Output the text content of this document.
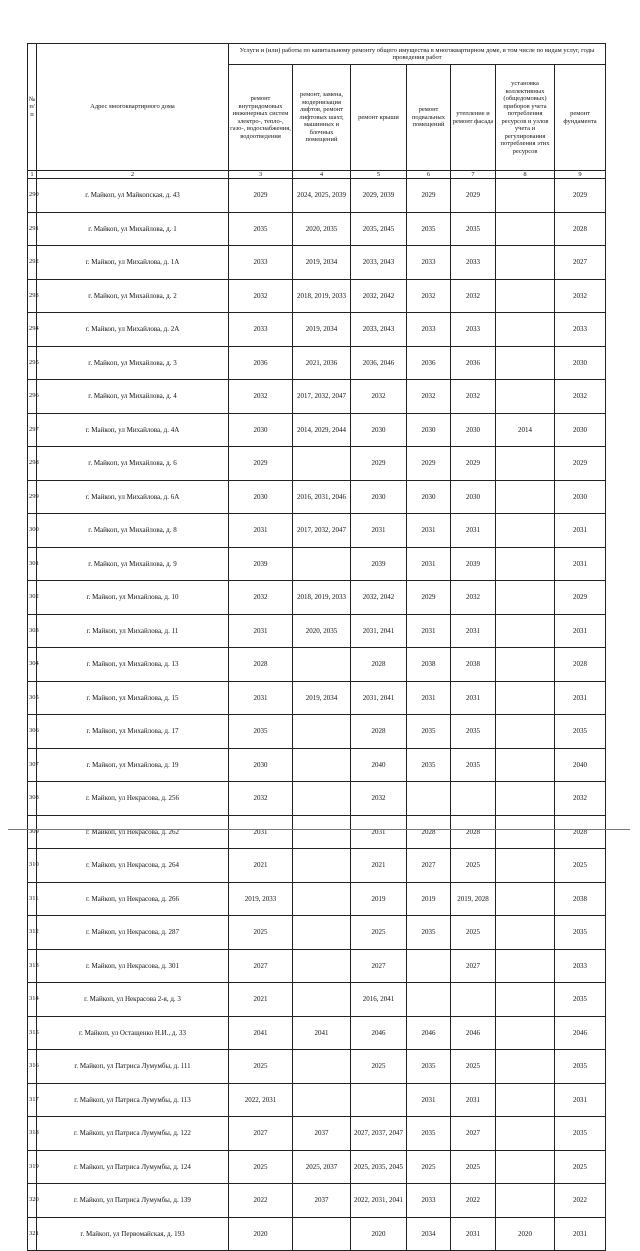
№ п/п	Адрес многоквартирного дома	Услуги и (или) работы по капитальному ремонту общего имущества в многоквартирном доме, в том числе по видам услуг, годы проведения работ						
		ремонт внутридомовых инженерных систем электро-, тепло-, газо-, водоснабжения, водоотведения	ремонт, замена, модернизация лифтов, ремонт лифтовых шахт, машинных и блочных помещений	ремонт крыши	ремонт подвальных помещений	утепление и ремонт фасада	установка коллективных (общедомовых) приборов учета потребления ресурсов и узлов учета и регулирования потребления этих ресурсов	ремонт фундамента
1	2	3	4	5	6	7	8	9
290	г. Майкоп, ул Майкопская, д. 43	2029	2024, 2025, 2039	2029, 2039	2029	2029		2029
291	г. Майкоп, ул Михайлова, д. 1	2035	2020, 2035	2035, 2045	2035	2035		2028
292	г. Майкоп, ул Михайлова, д. 1А	2033	2019, 2034	2033, 2043	2033	2033		2027
293	г. Майкоп, ул Михайлова, д. 2	2032	2018, 2019, 2033	2032, 2042	2032	2032		2032
294	г. Майкоп, ул Михайлова, д. 2А	2033	2019, 2034	2033, 2043	2033	2033		2033
295	г. Майкоп, ул Михайлова, д. 3	2036	2021, 2036	2036, 2046	2036	2036		2030
296	г. Майкоп, ул Михайлова, д. 4	2032	2017, 2032, 2047	2032	2032	2032		2032
297	г. Майкоп, ул Михайлова, д. 4А	2030	2014, 2029, 2044	2030	2030	2030	2014	2030
298	г. Майкоп, ул Михайлова, д. 6	2029		2029	2029	2029		2029
299	г. Майкоп, ул Михайлова, д. 6А	2030	2016, 2031, 2046	2030	2030	2030		2030
300	г. Майкоп, ул Михайлова, д. 8	2031	2017, 2032, 2047	2031	2031	2031		2031
301	г. Майкоп, ул Михайлова, д. 9	2039		2039	2031	2039		2031
302	г. Майкоп, ул Михайлова, д. 10	2032	2018, 2019, 2033	2032, 2042	2029	2032		2029
303	г. Майкоп, ул Михайлова, д. 11	2031	2020, 2035	2031, 2041	2031	2031		2031
304	г. Майкоп, ул Михайлова, д. 13	2028		2028	2038	2038		2028
305	г. Майкоп, ул Михайлова, д. 15	2031	2019, 2034	2031, 2041	2031	2031		2031
306	г. Майкоп, ул Михайлова, д. 17	2035		2028	2035	2035		2035
307	г. Майкоп, ул Михайлова, д. 19	2030		2040	2035	2035		2040
308	г. Майкоп, ул Некрасова, д. 256	2032		2032				2032
309	г. Майкоп, ул Некрасова, д. 262	2031		2031	2028	2028		2028
310	г. Майкоп, ул Некрасова, д. 264	2021		2021	2027	2025		2025
311	г. Майкоп, ул Некрасова, д. 266	2019, 2033		2019	2019	2019, 2028		2038
312	г. Майкоп, ул Некрасова, д. 287	2025		2025	2035	2025		2035
313	г. Майкоп, ул Некрасова, д. 301	2027		2027		2027		2033
314	г. Майкоп, ул Некрасова 2-я, д. 3	2021		2016, 2041				2035
315	г. Майкоп, ул Остащенко Н.И., д. 33	2041	2041	2046	2046	2046		2046
316	г. Майкоп, ул Патриса Лумумбы, д. 111	2025		2025	2035	2025		2035
317	г. Майкоп, ул Патриса Лумумбы, д. 113	2022, 2031			2031	2031		2031
318	г. Майкоп, ул Патриса Лумумбы, д. 122	2027	2037	2027, 2037, 2047	2035	2027		2035
319	г. Майкоп, ул Патриса Лумумбы, д. 124	2025	2025, 2037	2025, 2035, 2045	2025	2025		2025
320	г. Майкоп, ул Патриса Лумумбы, д. 139	2022	2037	2022, 2031, 2041	2033	2022		2022
321	г. Майкоп, ул Первомайская, д. 193	2020		2020	2034	2031	2020	2031
